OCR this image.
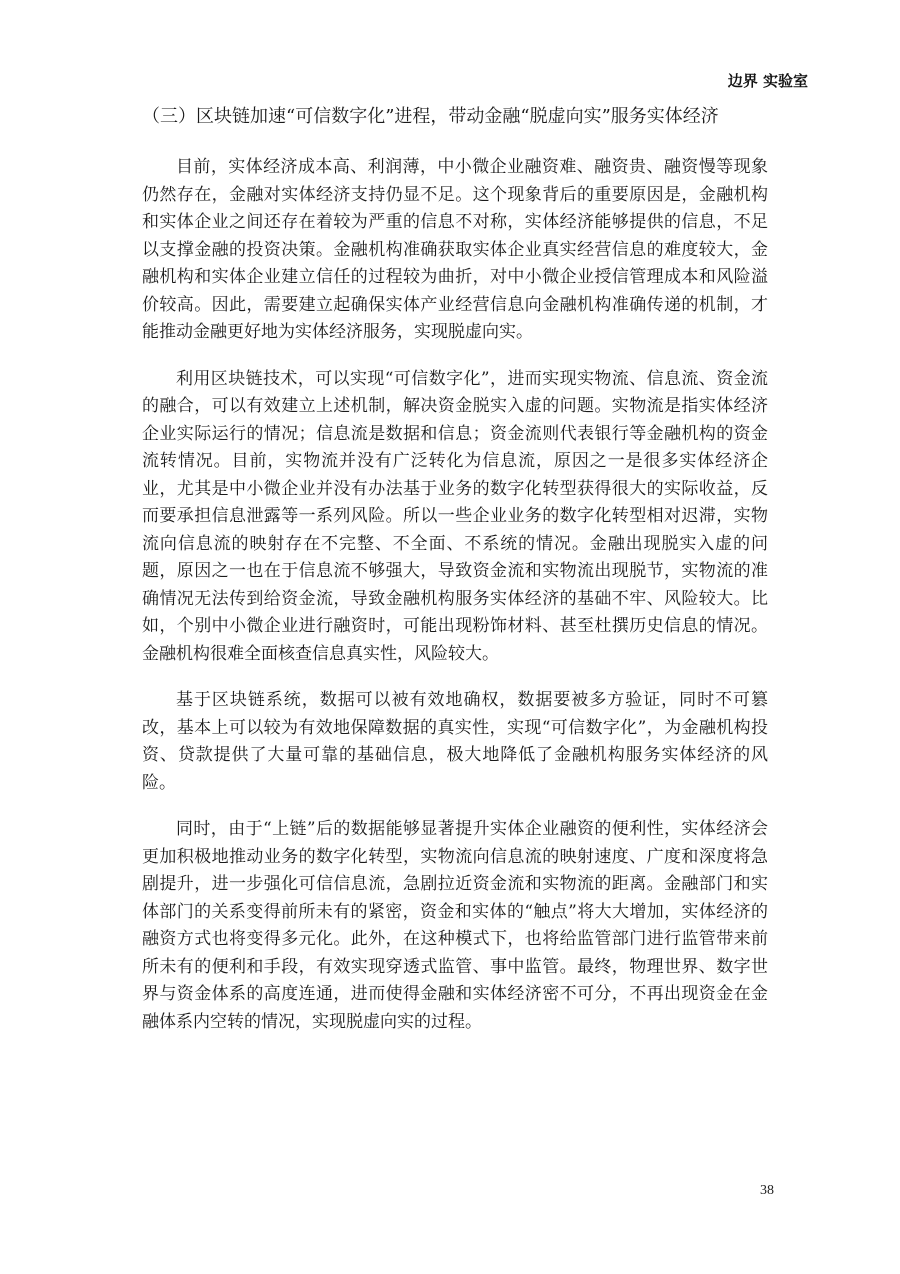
边界 实验室
（三）区块链加速“可信数字化”进程，带动金融“脱虚向实”服务实体经济

目前，实体经济成本高、利润薄，中小微企业融资难、融资贵、融资慢等现象仍然存在，金融对实体经济支持仍显不足。这个现象背后的重要原因是，金融机构和实体企业之间还存在着较为严重的信息不对称，实体经济能够提供的信息，不足以支撑金融的投资决策。金融机构准确获取实体企业真实经营信息的难度较大，金融机构和实体企业建立信任的过程较为曲折，对中小微企业授信管理成本和风险溢价较高。因此，需要建立起确保实体产业经营信息向金融机构准确传递的机制，才能推动金融更好地为实体经济服务，实现脱虚向实。

利用区块链技术，可以实现“可信数字化”，进而实现实物流、信息流、资金流的融合，可以有效建立上述机制，解决资金脱实入虚的问题。实物流是指实体经济企业实际运行的情况；信息流是数据和信息；资金流则代表银行等金融机构的资金流转情况。目前，实物流并没有广泛转化为信息流，原因之一是很多实体经济企业，尤其是中小微企业并没有办法基于业务的数字化转型获得很大的实际收益，反而要承担信息泄露等一系列风险。所以一些企业业务的数字化转型相对迟滞，实物流向信息流的映射存在不完整、不全面、不系统的情况。金融出现脱实入虚的问题，原因之一也在于信息流不够强大，导致资金流和实物流出现脱节，实物流的准确情况无法传到给资金流，导致金融机构服务实体经济的基础不牢、风险较大。比如，个别中小微企业进行融资时，可能出现粉饰材料、甚至杜撰历史信息的情况。金融机构很难全面核查信息真实性，风险较大。

基于区块链系统，数据可以被有效地确权，数据要被多方验证，同时不可篡改，基本上可以较为有效地保障数据的真实性，实现“可信数字化”，为金融机构投资、贷款提供了大量可靠的基础信息，极大地降低了金融机构服务实体经济的风险。

同时，由于“上链”后的数据能够显著提升实体企业融资的便利性，实体经济会更加积极地推动业务的数字化转型，实物流向信息流的映射速度、广度和深度将急剧提升，进一步强化可信信息流，急剧拉近资金流和实物流的距离。金融部门和实体部门的关系变得前所未有的紧密，资金和实体的“触点”将大大增加，实体经济的融资方式也将变得多元化。此外，在这种模式下，也将给监管部门进行监管带来前所未有的便利和手段，有效实现穿透式监管、事中监管。最终，物理世界、数字世界与资金体系的高度连通，进而使得金融和实体经济密不可分，不再出现资金在金融体系内空转的情况，实现脱虚向实的过程。

38
